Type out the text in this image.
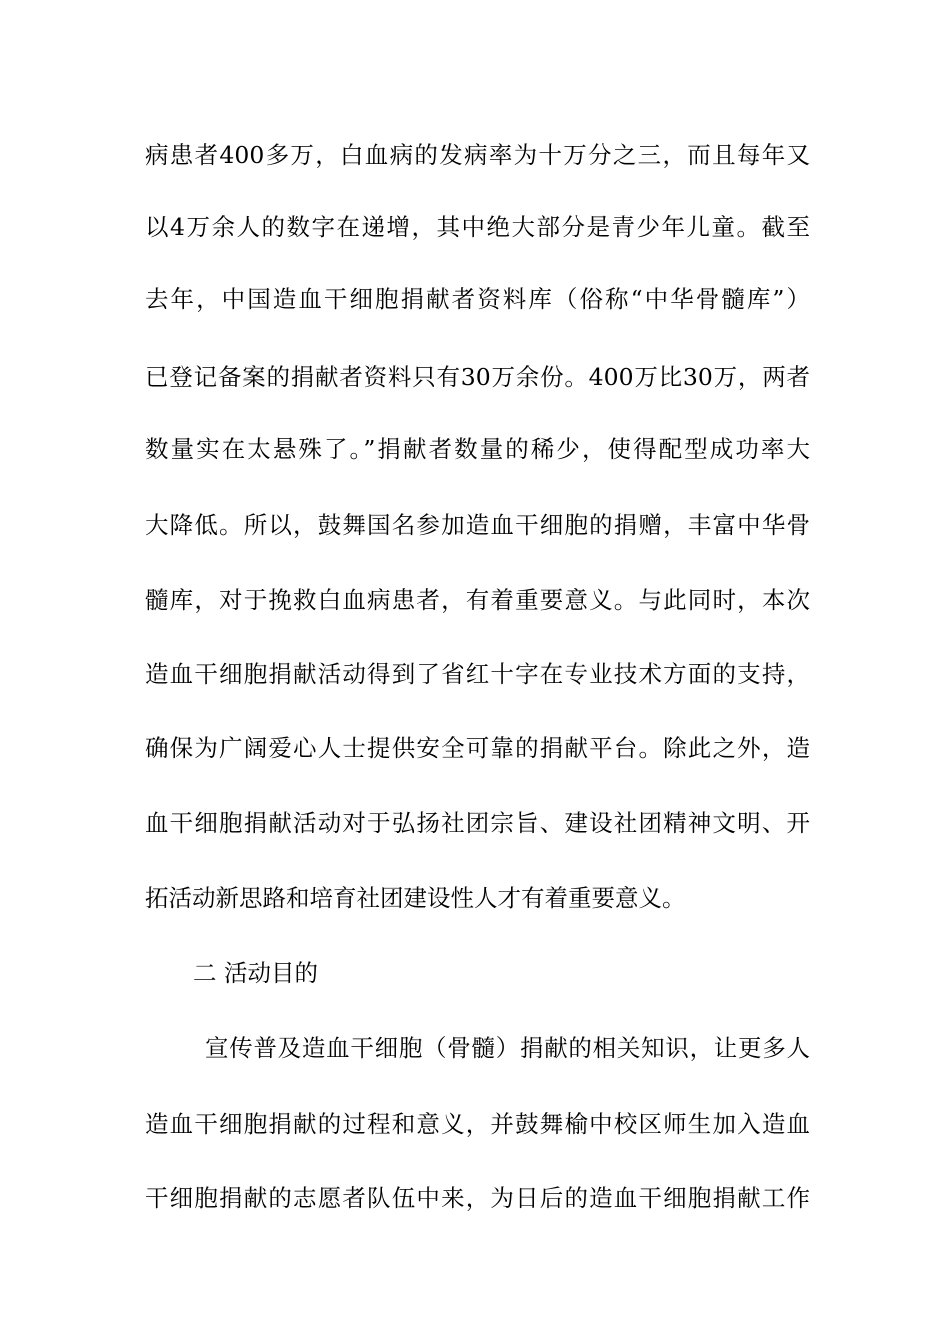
病患者400多万，白血病的发病率为十万分之三，而且每年又
以4万余人的数字在递增，其中绝大部分是青少年儿童。截至
去年，中国造血干细胞捐献者资料库（俗称“中华骨髓库”）
已登记备案的捐献者资料只有30万余份。400万比30万，两者
数量实在太悬殊了。”捐献者数量的稀少，使得配型成功率大
大降低。所以，鼓舞国名参加造血干细胞的捐赠，丰富中华骨
髓库，对于挽救白血病患者，有着重要意义。与此同时，本次
造血干细胞捐献活动得到了省红十字在专业技术方面的支持，
确保为广阔爱心人士提供安全可靠的捐献平台。除此之外，造
血干细胞捐献活动对于弘扬社团宗旨、建设社团精神文明、开
拓活动新思路和培育社团建设性人才有着重要意义。
二 活动目的
宣传普及造血干细胞（骨髓）捐献的相关知识，让更多人
造血干细胞捐献的过程和意义，并鼓舞榆中校区师生加入造血
干细胞捐献的志愿者队伍中来，为日后的造血干细胞捐献工作
